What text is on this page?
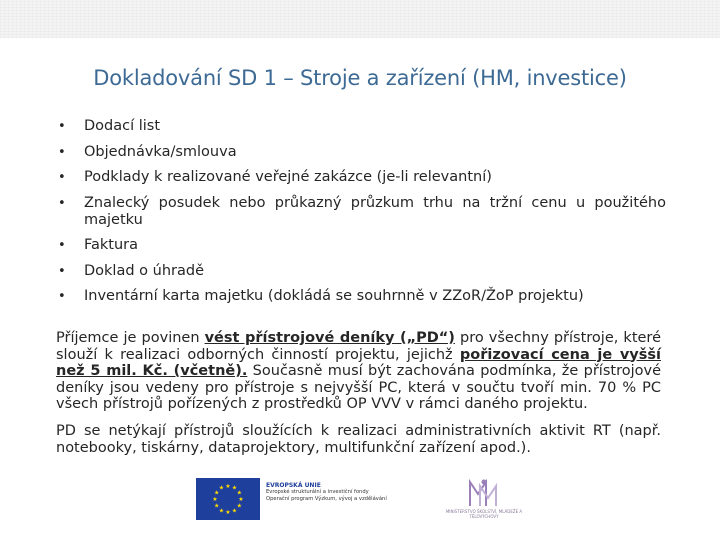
Dokladování SD 1 – Stroje a zařízení (HM, investice)
• Dodací list
• Objednávka/smlouva
• Podklady k realizované veřejné zakázce (je-li relevantní)
• Znalecký posudek nebo průkazný průzkum trhu na tržní cenu u použitého majetku
• Faktura
• Doklad o úhradě
• Inventární karta majetku (dokládá se souhrnně v ZZoR/ŽoP projektu)
Příjemce je povinen vést přístrojové deníky („PD“) pro všechny přístroje, které slouží k realizaci odborných činností projektu, jejichž pořizovací cena je vyšší než 5 mil. Kč. (včetně). Současně musí být zachována podmínka, že přístrojové deníky jsou vedeny pro přístroje s nejvyšší PC, která v součtu tvoří min. 70 % PC všech přístrojů pořízených z prostředků OP VVV v rámci daného projektu.
PD se netýkají přístrojů sloužících k realizaci administrativních aktivit RT (např. notebooky, tiskárny, dataprojektory, multifunkční zařízení apod.).
★ ★
★
★
★
★
★
★
★
★
★
★	EVROPSKÁ UNIE
Evropské strukturální a investiční fondy
Operační program Výzkum, vývoj a vzdělávání
MINISTERSTVO ŠKOLSTVÍ, MLÁDEŽE A TĚLOVÝCHOVY
